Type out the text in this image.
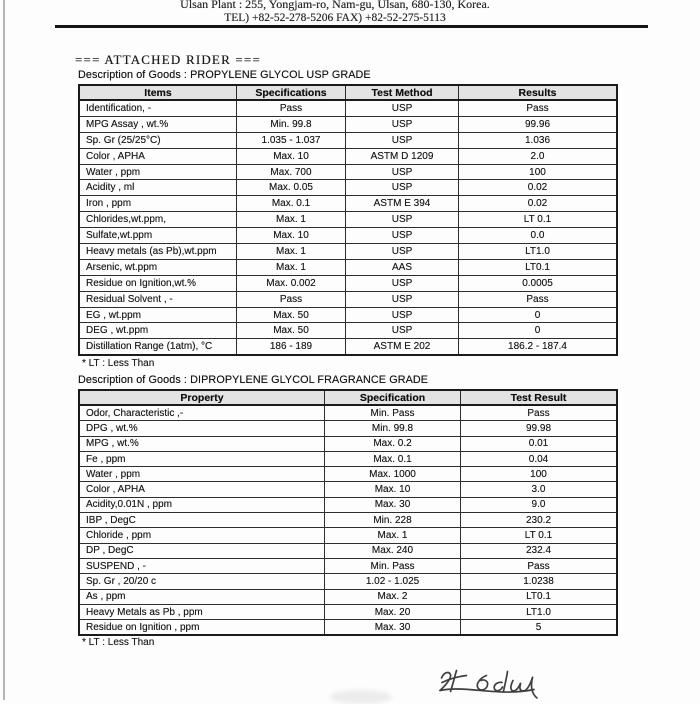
Ulsan Plant : 255, Yongjam-ro, Nam-gu, Ulsan, 680-130, Korea.
TEL) +82-52-278-5206 FAX) +82-52-275-5113
=== ATTACHED RIDER ===
Description of Goods : PROPYLENE GLYCOL USP GRADE
Items	Specifications	Test Method	Results
Identification, -	Pass	USP	Pass
MPG Assay , wt.%	Min. 99.8	USP	99.96
Sp. Gr (25/25°C)	1.035 - 1.037	USP	1.036
Color , APHA	Max. 10	ASTM D 1209	2.0
Water , ppm	Max. 700	USP	100
Acidity , ml	Max. 0.05	USP	0.02
Iron , ppm	Max. 0.1	ASTM E 394	0.02
Chlorides,wt.ppm,	Max. 1	USP	LT 0.1
Sulfate,wt.ppm	Max. 10	USP	0.0
Heavy metals (as Pb),wt.ppm	Max. 1	USP	LT1.0
Arsenic, wt.ppm	Max. 1	AAS	LT0.1
Residue on Ignition,wt.%	Max. 0.002	USP	0.0005
Residual Solvent , -	Pass	USP	Pass
EG , wt.ppm	Max. 50	USP	0
DEG , wt.ppm	Max. 50	USP	0
Distillation Range (1atm), °C	186 - 189	ASTM E 202	186.2 - 187.4
* LT : Less Than
Description of Goods : DIPROPYLENE GLYCOL FRAGRANCE GRADE
Property	Specification	Test Result
Odor, Characteristic ,-	Min. Pass	Pass
DPG , wt.%	Min. 99.8	99.98
MPG , wt.%	Max. 0.2	0.01
Fe , ppm	Max. 0.1	0.04
Water , ppm	Max. 1000	100
Color , APHA	Max. 10	3.0
Acidity,0.01N , ppm	Max. 30	9.0
IBP , DegC	Min. 228	230.2
Chloride , ppm	Max. 1	LT 0.1
DP , DegC	Max. 240	232.4
SUSPEND , -	Min. Pass	Pass
Sp. Gr , 20/20 c	1.02 - 1.025	1.0238
As , ppm	Max. 2	LT0.1
Heavy Metals as Pb , ppm	Max. 20	LT1.0
Residue on Ignition , ppm	Max. 30	5
* LT : Less Than
